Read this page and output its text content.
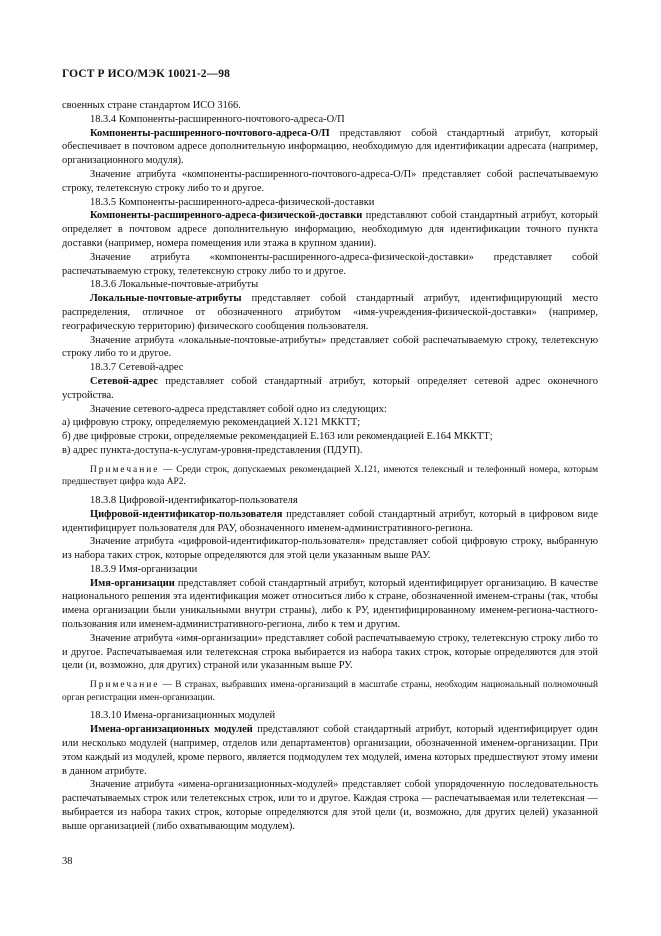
ГОСТ Р ИСО/МЭК 10021-2—98

своенных стране стандартом ИСО 3166.

18.3.4 Компоненты-расширенного-почтового-адреса-О/П

Компоненты-расширенного-почтового-адреса-О/П представляют собой стандартный атрибут, который обеспечивает в почтовом адресе дополнительную информацию, необходимую для идентификации адресата (например, организационного модуля).

Значение атрибута «компоненты-расширенного-почтового-адреса-О/П» представляет собой распечатываемую строку, телетексную строку либо то и другое.

18.3.5 Компоненты-расширенного-адреса-физической-доставки

Компоненты-расширенного-адреса-физической-доставки представляют собой стандартный атрибут, который определяет в почтовом адресе дополнительную информацию, необходимую для идентификации точного пункта доставки (например, номера помещения или этажа в крупном здании).

Значение атрибута «компоненты-расширенного-адреса-физической-доставки» представляет собой распечатываемую строку, телетексную строку либо то и другое.

18.3.6 Локальные-почтовые-атрибуты

Локальные-почтовые-атрибуты представляет собой стандартный атрибут, идентифицирующий место распределения, отличное от обозначенного атрибутом «имя-учреждения-физической-доставки» (например, географическую территорию) физического сообщения пользователя.

Значение атрибута «локальные-почтовые-атрибуты» представляет собой распечатываемую строку, телетексную строку либо то и другое.

18.3.7 Сетевой-адрес

Сетевой-адрес представляет собой стандартный атрибут, который определяет сетевой адрес оконечного устройства.

Значение сетевого-адреса представляет собой одно из следующих:

а) цифровую строку, определяемую рекомендацией X.121 МККТТ;

б) две цифровые строки, определяемые рекомендацией E.163 или рекомендацией E.164 МККТТ;

в) адрес пункта-доступа-к-услугам-уровня-представления (ПДУП).

Примечание — Среди строк, допускаемых рекомендацией X.121, имеются телексный и телефонный номера, которым предшествует цифра кода AP2.

18.3.8 Цифровой-идентификатор-пользователя

Цифровой-идентификатор-пользователя представляет собой стандартный атрибут, который в цифровом виде идентифицирует пользователя для РАУ, обозначенного именем-административного-региона.

Значение атрибута «цифровой-идентификатор-пользователя» представляет собой цифровую строку, выбранную из набора таких строк, которые определяются для этой цели указанным выше РАУ.

18.3.9 Имя-организации

Имя-организации представляет собой стандартный атрибут, который идентифицирует организацию. В качестве национального решения эта идентификация может относиться либо к стране, обозначенной именем-страны (так, чтобы имена организации были уникальными внутри страны), либо к РУ, идентифицированному именем-региона-частного-пользования или именем-административного-региона, либо к тем и другим.

Значение атрибута «имя-организации» представляет собой распечатываемую строку, телетексную строку либо то и другое. Распечатываемая или телетексная строка выбирается из набора таких строк, которые определяются для этой цели (и, возможно, для других) страной или указанным выше РУ.

Примечание — В странах, выбравших имена-организаций в масштабе страны, необходим национальный полномочный орган регистрации имен-организации.

18.3.10 Имена-организационных модулей

Имена-организационных модулей представляют собой стандартный атрибут, который идентифицирует один или несколько модулей (например, отделов или департаментов) организации, обозначенной именем-организации. При этом каждый из модулей, кроме первого, является подмодулем тех модулей, имена которых предшествуют этому имени в данном атрибуте.

Значение атрибута «имена-организационных-модулей» представляет собой упорядоченную последовательность распечатываемых строк или телетексных строк, или то и другое. Каждая строка — распечатываемая или телетексная — выбирается из набора таких строк, которые определяются для этой цели (и, возможно, для других целей) указанной выше организацией (либо охватывающим модулем).

38
